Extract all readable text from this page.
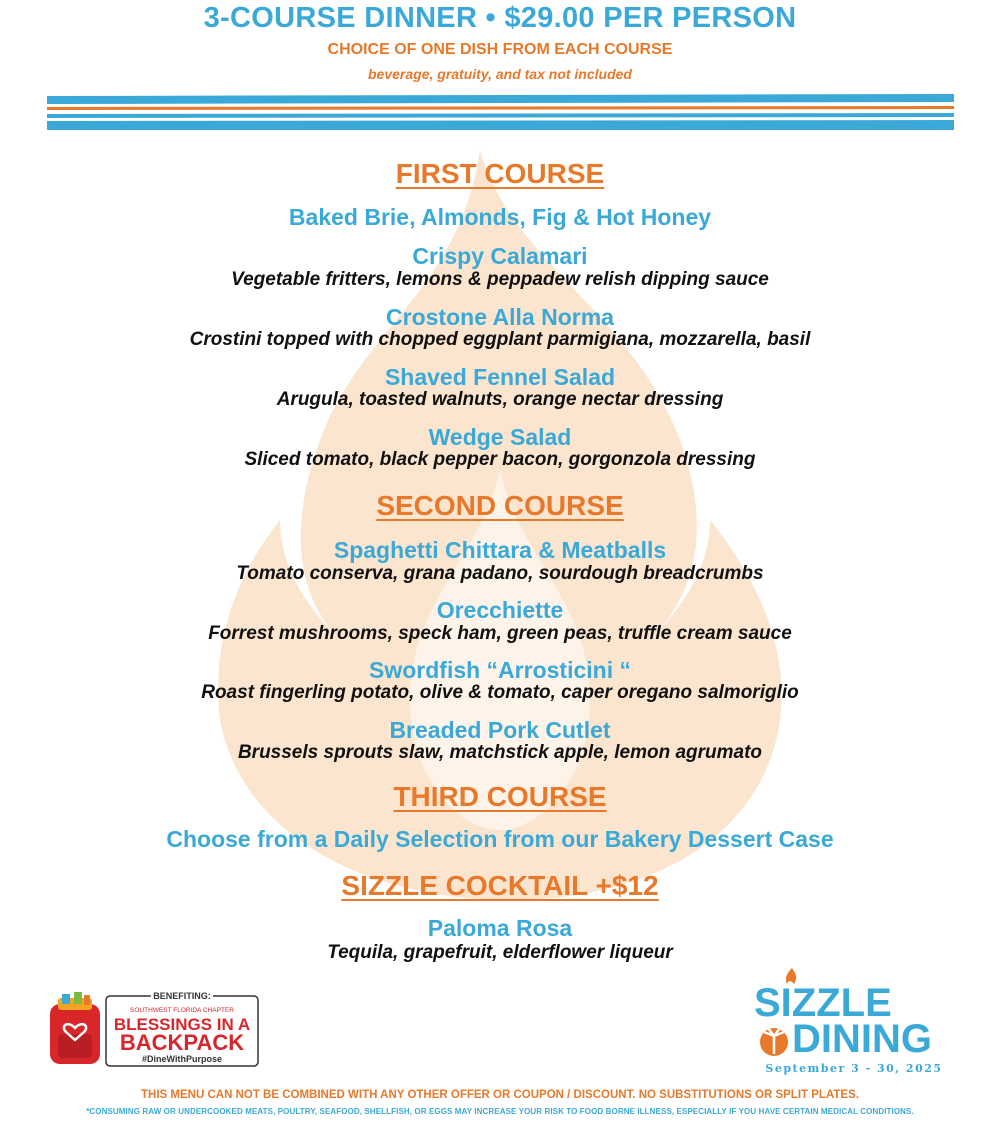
3-COURSE DINNER • $29.00 PER PERSON
CHOICE OF ONE DISH FROM EACH COURSE
beverage, gratuity, and tax not included
FIRST COURSE
Baked Brie, Almonds, Fig & Hot Honey
Crispy Calamari
Vegetable fritters, lemons & peppadew relish dipping sauce
Crostone Alla Norma
Crostini topped with chopped eggplant parmigiana, mozzarella, basil
Shaved Fennel Salad
Arugula, toasted walnuts, orange nectar dressing
Wedge Salad
Sliced tomato, black pepper bacon, gorgonzola dressing
SECOND COURSE
Spaghetti Chittara & Meatballs
Tomato conserva, grana padano, sourdough breadcrumbs
Orecchiette
Forrest mushrooms, speck ham, green peas, truffle cream sauce
Swordfish “Arrosticini “
Roast fingerling potato, olive & tomato, caper oregano salmoriglio
Breaded Pork Cutlet
Brussels sprouts slaw, matchstick apple, lemon agrumato
THIRD COURSE
Choose from a Daily Selection from our Bakery Dessert Case
SIZZLE COCKTAIL +$12
Paloma Rosa
Tequila, grapefruit, elderflower liqueur
BENEFITING:
SOUTHWEST FLORIDA CHAPTER
BLESSINGS IN A
BACKPACK
#DineWithPurpose
SIZZLE
DINING
September 3 - 30, 2025
THIS MENU CAN NOT BE COMBINED WITH ANY OTHER OFFER OR COUPON / DISCOUNT. NO SUBSTITUTIONS OR SPLIT PLATES.
*CONSUMING RAW OR UNDERCOOKED MEATS, POULTRY, SEAFOOD, SHELLFISH, OR EGGS MAY INCREASE YOUR RISK TO FOOD BORNE ILLNESS, ESPECIALLY IF YOU HAVE CERTAIN MEDICAL CONDITIONS.
